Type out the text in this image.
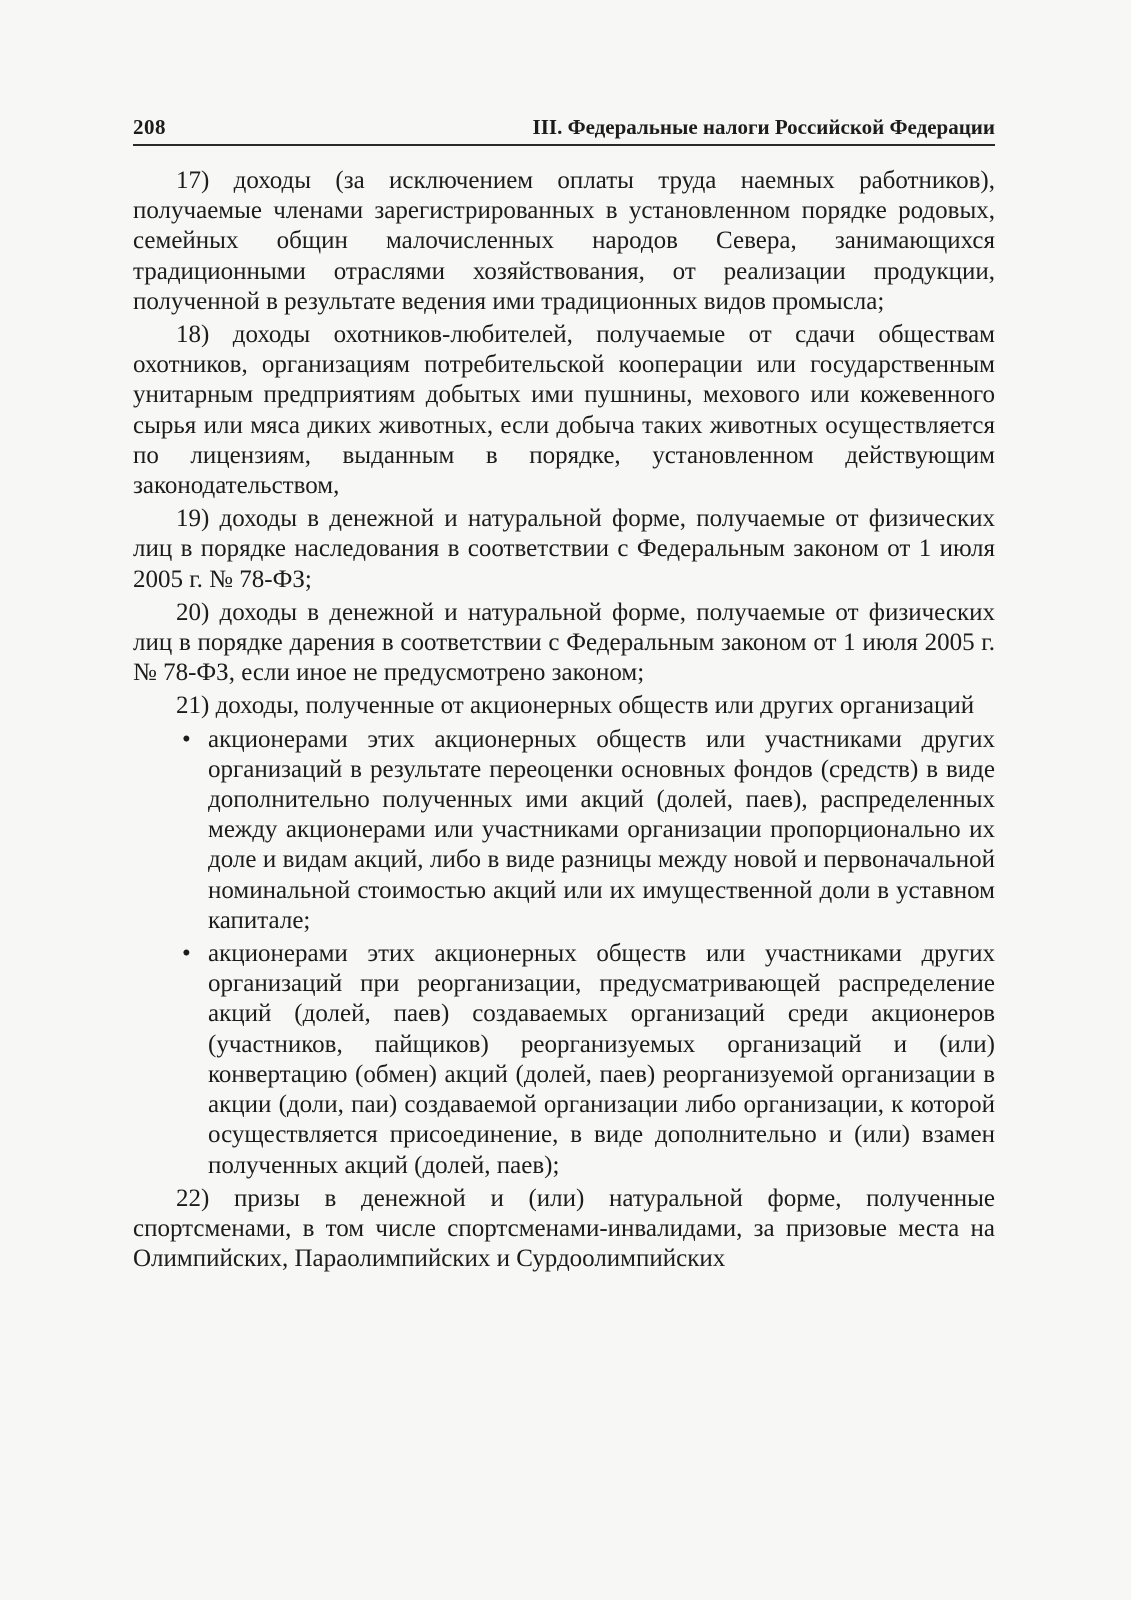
208	III. Федеральные налоги Российской Федерации

17) доходы (за исключением оплаты труда наемных работников), получаемые членами зарегистрированных в установленном порядке родовых, семейных общин малочисленных народов Севера, занимающихся традиционными отраслями хозяйствования, от реализации продукции, полученной в результате ведения ими традиционных видов промысла;

18) доходы охотников-любителей, получаемые от сдачи обществам охотников, организациям потребительской кооперации или государственным унитарным предприятиям добытых ими пушнины, мехового или кожевенного сырья или мяса диких животных, если добыча таких животных осуществляется по лицензиям, выданным в порядке, установленном действующим законодательством,

19) доходы в денежной и натуральной форме, получаемые от физических лиц в порядке наследования в соответствии с Федеральным законом от 1 июля 2005 г. № 78-ФЗ;

20) доходы в денежной и натуральной форме, получаемые от физических лиц в порядке дарения в соответствии с Федеральным законом от 1 июля 2005 г. № 78-ФЗ, если иное не предусмотрено законом;

21) доходы, полученные от акционерных обществ или других организаций

• акционерами этих акционерных обществ или участниками других организаций в результате переоценки основных фондов (средств) в виде дополнительно полученных ими акций (долей, паев), распределенных между акционерами или участниками организации пропорционально их доле и видам акций, либо в виде разницы между новой и первоначальной номинальной стоимостью акций или их имущественной доли в уставном капитале;
• акционерами этих акционерных обществ или участниками других организаций при реорганизации, предусматривающей распределение акций (долей, паев) создаваемых организаций среди акционеров (участников, пайщиков) реорганизуемых организаций и (или) конвертацию (обмен) акций (долей, паев) реорганизуемой организации в акции (доли, паи) создаваемой организации либо организации, к которой осуществляется присоединение, в виде дополнительно и (или) взамен полученных акций (долей, паев);

22) призы в денежной и (или) натуральной форме, полученные спортсменами, в том числе спортсменами-инвалидами, за призовые места на Олимпийских, Параолимпийских и Сурдоолимпийских
